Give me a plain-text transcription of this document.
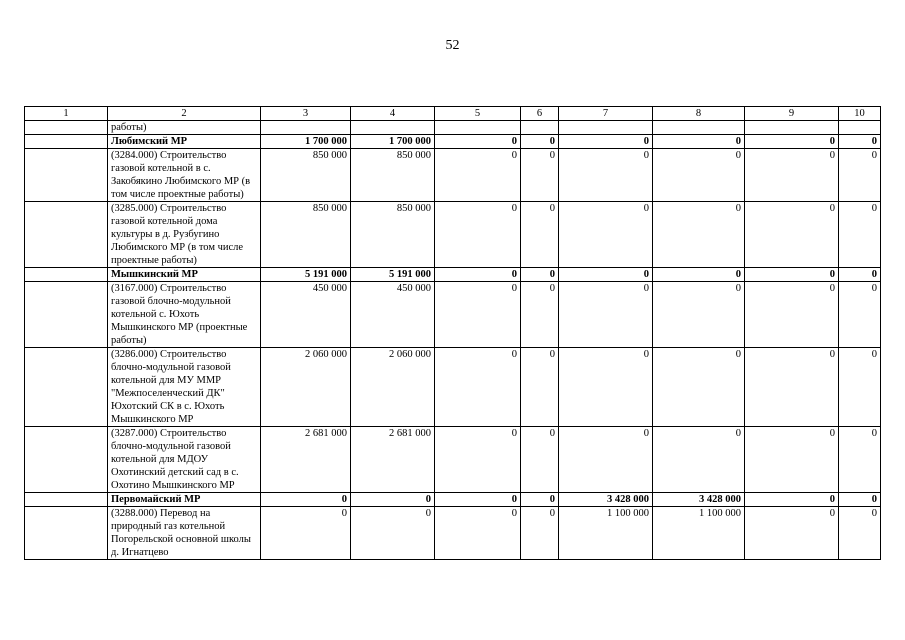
52
1	2	3	4	5	6	7	8	9	10
	работы)								
	Любимский МР	1 700 000	1 700 000	0	0	0	0	0	0
	(3284.000) Строительство газовой котельной в с. Закобякино Любимского МР (в том числе проектные работы)	850 000	850 000	0	0	0	0	0	0
	(3285.000) Строительство газовой котельной дома культуры в д. Рузбугино Любимского МР (в том числе проектные работы)	850 000	850 000	0	0	0	0	0	0
	Мышкинский МР	5 191 000	5 191 000	0	0	0	0	0	0
	(3167.000) Строительство газовой блочно-модульной котельной с. Юхоть Мышкинского МР (проектные работы)	450 000	450 000	0	0	0	0	0	0
	(3286.000) Строительство блочно-модульной газовой котельной для МУ ММР "Межпоселенческий ДК" Юхотский СК в с. Юхоть Мышкинского МР	2 060 000	2 060 000	0	0	0	0	0	0
	(3287.000) Строительство блочно-модульной газовой котельной для МДОУ Охотинский детский сад в с. Охотино Мышкинского МР	2 681 000	2 681 000	0	0	0	0	0	0
	Первомайский МР	0	0	0	0	3 428 000	3 428 000	0	0
	(3288.000) Перевод на природный газ котельной Погорельской основной школы д. Игнатцево	0	0	0	0	1 100 000	1 100 000	0	0
